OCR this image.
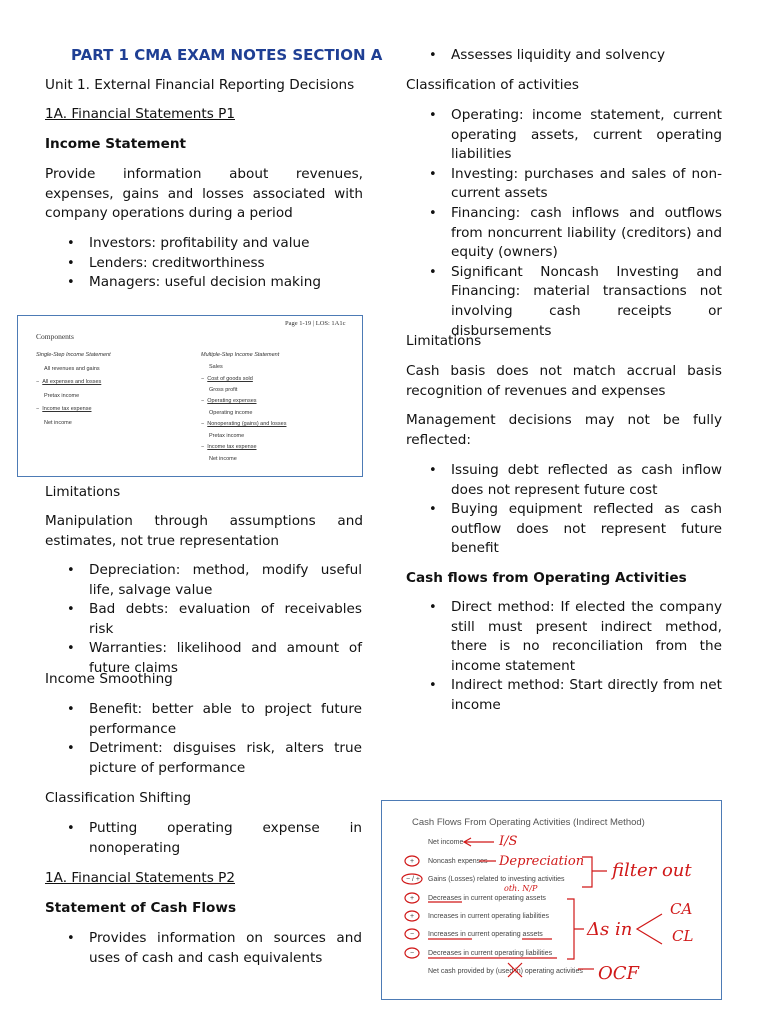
PART 1 CMA EXAM NOTES SECTION A

Unit 1. External Financial Reporting Decisions

1A. Financial Statements P1

Income Statement

Provide information about revenues, expenses, gains and losses associated with company operations during a period

• Investors: profitability and value
• Lenders: creditworthiness
• Managers: useful decision making

Limitations

Manipulation through assumptions and estimates, not true representation

• Depreciation: method, modify useful life, salvage value
• Bad debts: evaluation of receivables risk
• Warranties: likelihood and amount of future claims

Income Smoothing

• Benefit: better able to project future performance
• Detriment: disguises risk, alters true picture of performance

Classification Shifting

• Putting operating expense in nonoperating

1A. Financial Statements P2

Statement of Cash Flows

• Provides information on sources and uses of cash and cash equivalents
Page 1-19 | LOS: 1A1c
Components
Single-Step Income Statement
All revenues and gains
−  All expenses and losses
Pretax income
−  Income tax expense
Net income
Multiple-Step Income Statement
Sales
−  Cost of goods sold
Gross profit
−  Operating expenses
Operating income
−  Nonoperating (gains) and losses
Pretax income
−  Income tax expense
Net income
• Assesses liquidity and solvency

Classification of activities

• Operating: income statement, current operating assets, current operating liabilities
• Investing: purchases and sales of non-current assets
• Financing: cash inflows and outflows from noncurrent liability (creditors) and equity (owners)
• Significant Noncash Investing and Financing: material transactions not involving cash receipts or disbursements

Limitations

Cash basis does not match accrual basis recognition of revenues and expenses

Management decisions may not be fully reflected:

• Issuing debt reflected as cash inflow does not represent future cost
• Buying equipment reflected as cash outflow does not represent future benefit

Cash flows from Operating Activities

• Direct method: If elected the company still must present indirect method, there is no reconciliation from the income statement
• Indirect method: Start directly from net income
Cash Flows From Operating Activities (Indirect Method)
Net income
Noncash expenses
Gains (Losses) related to investing activities
Decreases in current operating assets
Increases in current operating liabilities
Increases in current operating assets
Decreases in current operating liabilities
Net cash provided by (used in) operating activities
+
− / +
+
+
−
−
I/S
Depreciation filter out
oth. N/P
Δs in
CA
CL
OCF
